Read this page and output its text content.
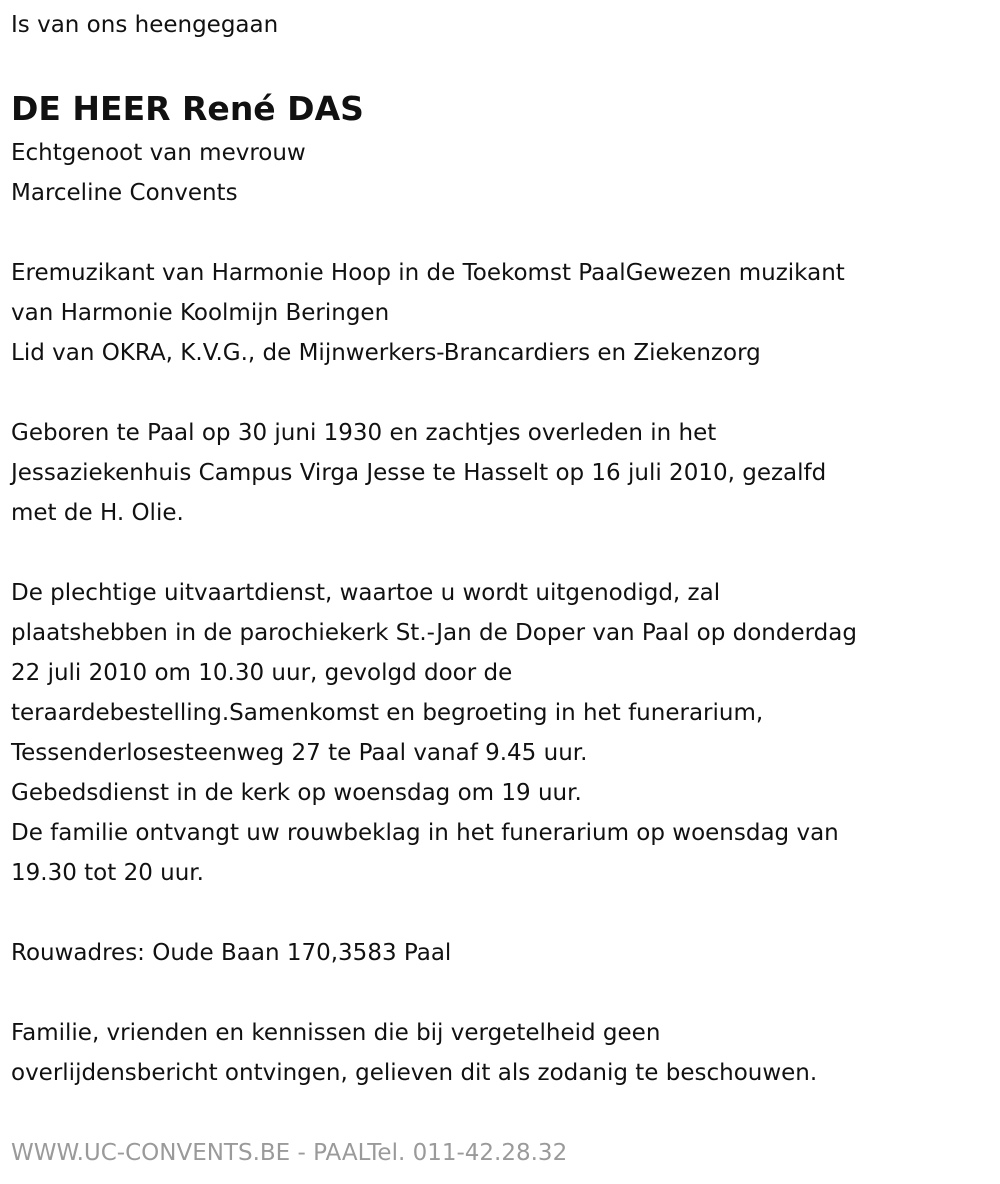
Is van ons heengegaan
DE HEER René DAS
Echtgenoot van mevrouw
Marceline Convents
Eremuzikant van Harmonie Hoop in de Toekomst PaalGewezen muzikant
van Harmonie Koolmijn Beringen
Lid van OKRA, K.V.G., de Mijnwerkers-Brancardiers en Ziekenzorg
Geboren te Paal op 30 juni 1930 en zachtjes overleden in het
Jessaziekenhuis Campus Virga Jesse te Hasselt op 16 juli 2010, gezalfd
met de H. Olie.
De plechtige uitvaartdienst, waartoe u wordt uitgenodigd, zal
plaatshebben in de parochiekerk St.-Jan de Doper van Paal op donderdag
22 juli 2010 om 10.30 uur, gevolgd door de
teraardebestelling.Samenkomst en begroeting in het funerarium,
Tessenderlosesteenweg 27 te Paal vanaf 9.45 uur.
Gebedsdienst in de kerk op woensdag om 19 uur.
De familie ontvangt uw rouwbeklag in het funerarium op woensdag van
19.30 tot 20 uur.
Rouwadres: Oude Baan 170,3583 Paal
Familie, vrienden en kennissen die bij vergetelheid geen
overlijdensbericht ontvingen, gelieven dit als zodanig te beschouwen.
WWW.UC-CONVENTS.BE - PAALTel. 011-42.28.32
